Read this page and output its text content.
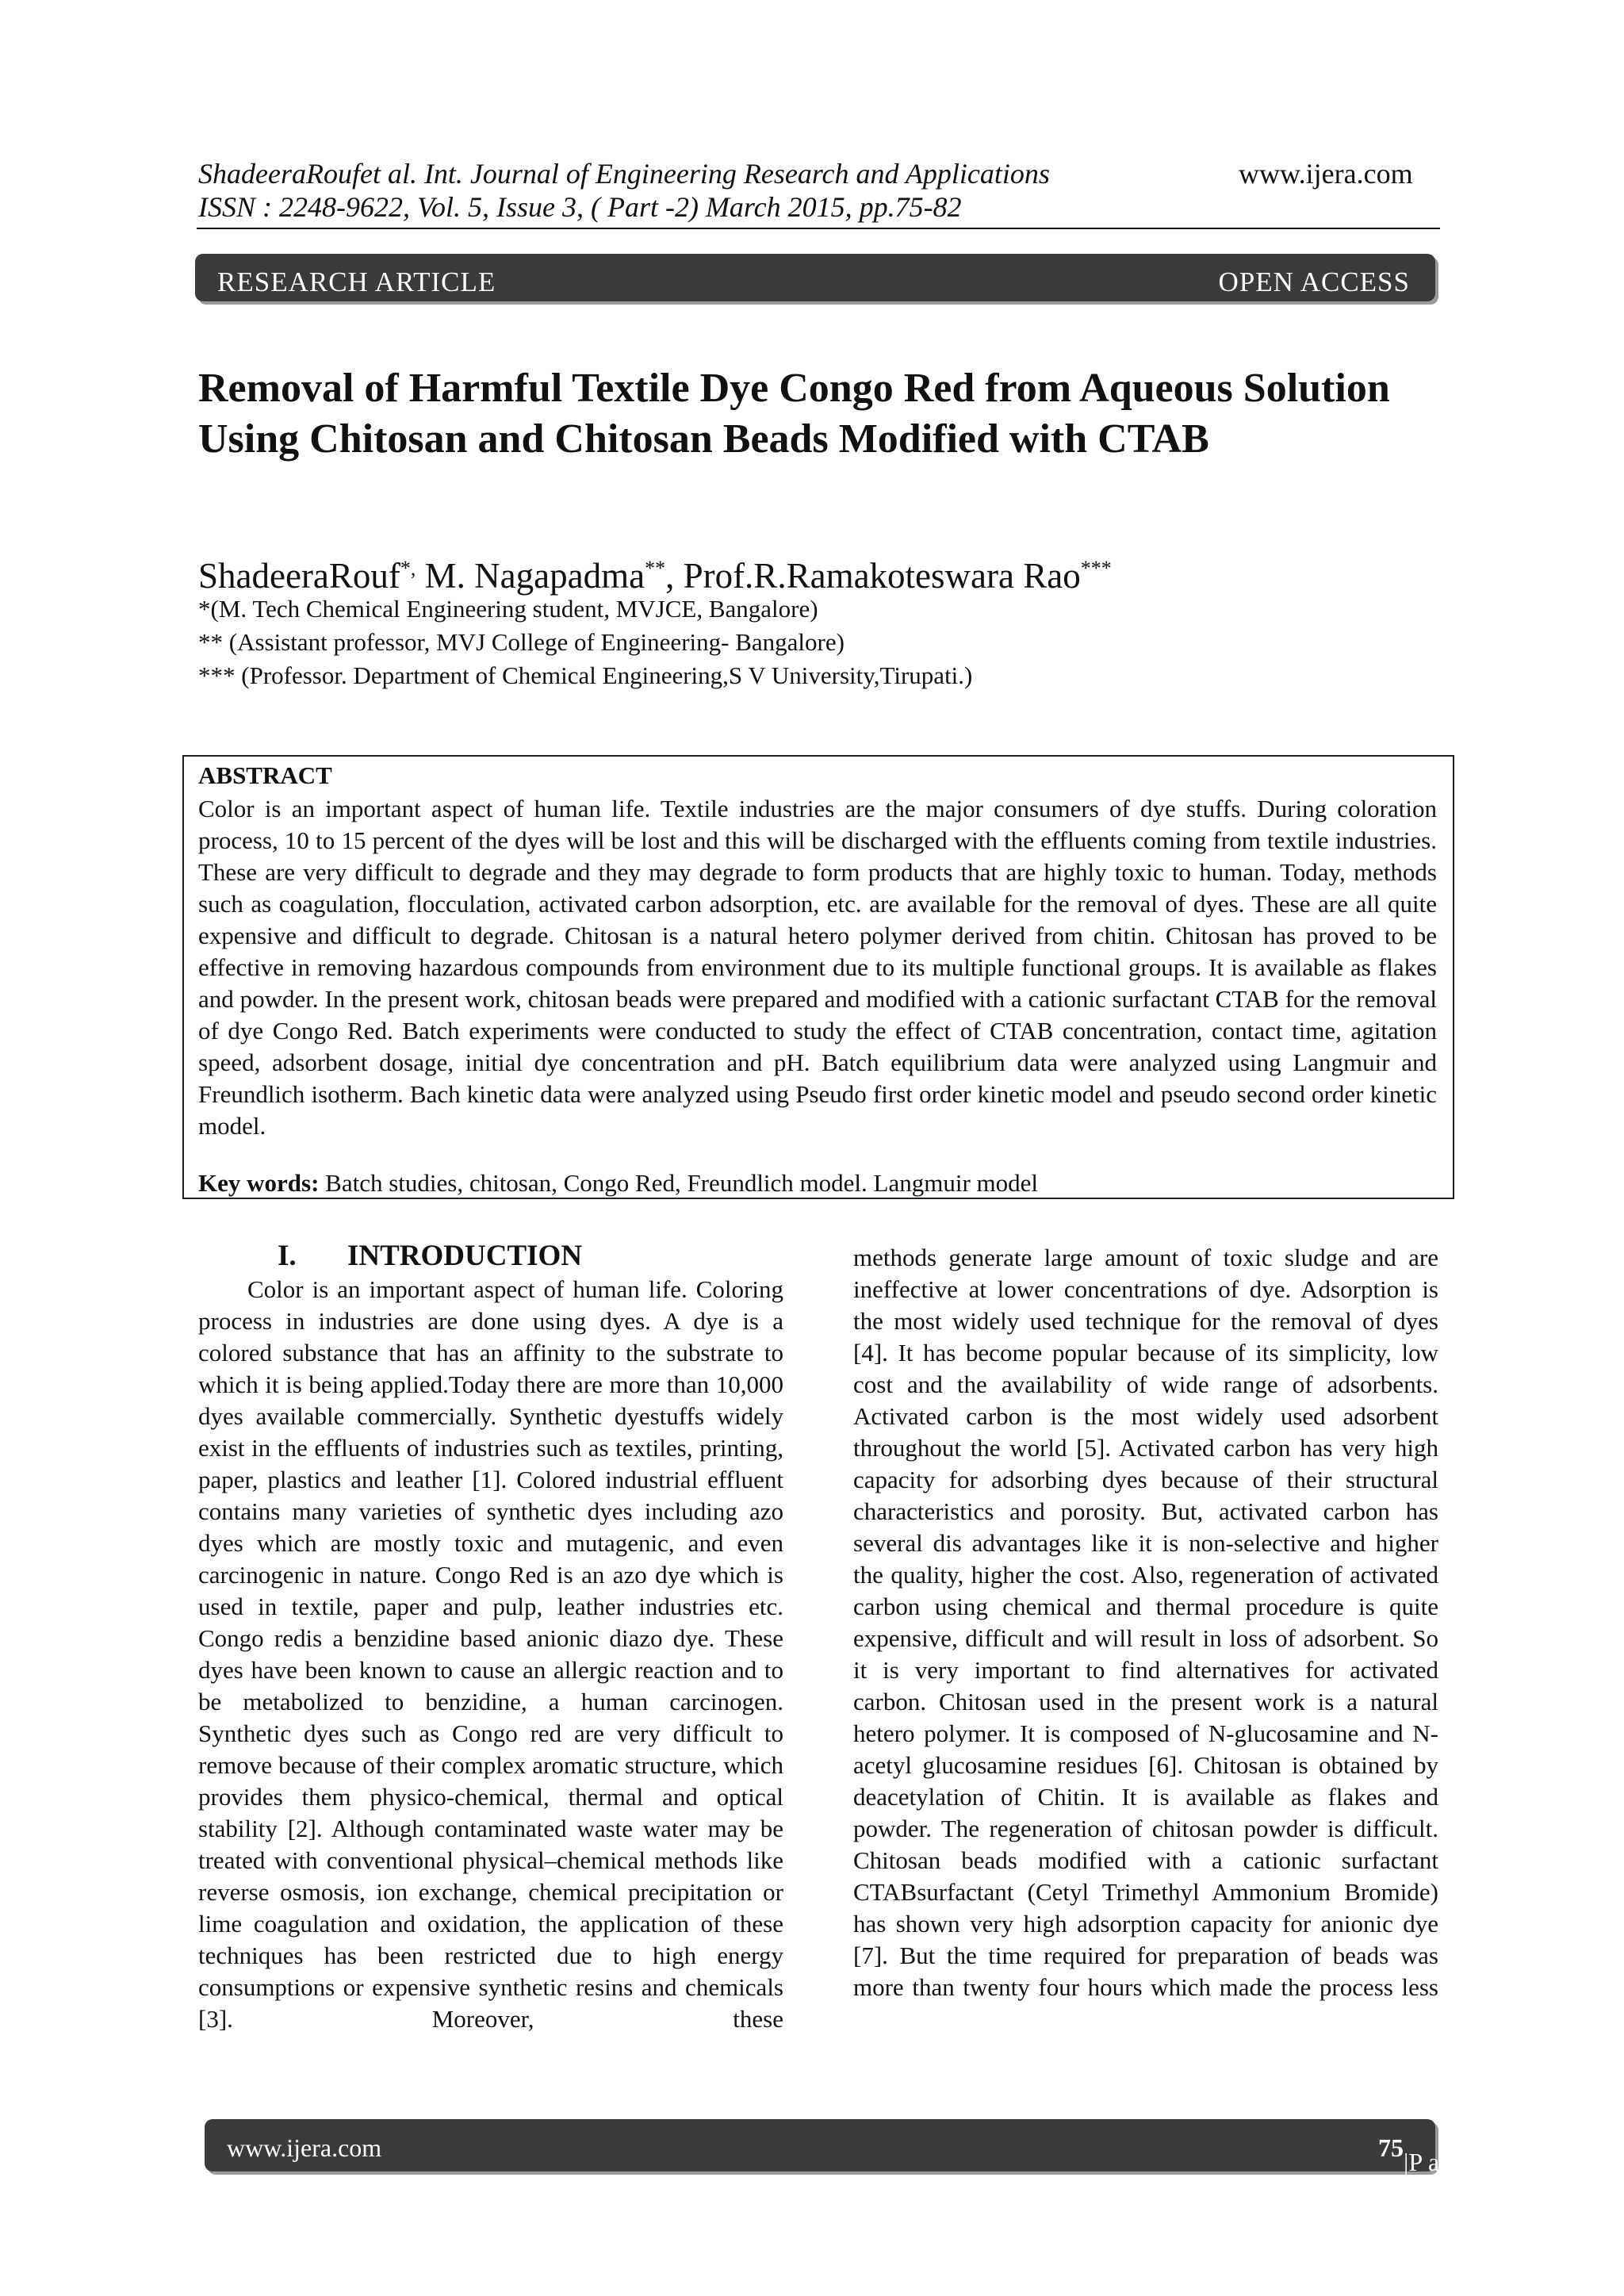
ShadeeraRoufet al. Int. Journal of Engineering Research and Applications	www.ijera.com
ISSN : 2248-9622, Vol. 5, Issue 3, ( Part -2) March 2015, pp.75-82
RESEARCH ARTICLE	OPEN ACCESS
Removal of Harmful Textile Dye Congo Red from Aqueous Solution Using Chitosan and Chitosan Beads Modified with CTAB
ShadeeraRouf*, M. Nagapadma**, Prof.R.Ramakoteswara Rao***
*(M. Tech Chemical Engineering student, MVJCE, Bangalore)
** (Assistant professor, MVJ College of Engineering- Bangalore)
*** (Professor. Department of Chemical Engineering,S V University,Tirupati.)
ABSTRACT
Color is an important aspect of human life. Textile industries are the major consumers of dye stuffs. During coloration process, 10 to 15 percent of the dyes will be lost and this will be discharged with the effluents coming from textile industries. These are very difficult to degrade and they may degrade to form products that are highly toxic to human. Today, methods such as coagulation, flocculation, activated carbon adsorption, etc. are available for the removal of dyes. These are all quite expensive and difficult to degrade. Chitosan is a natural hetero polymer derived from chitin. Chitosan has proved to be effective in removing hazardous compounds from environment due to its multiple functional groups. It is available as flakes and powder. In the present work, chitosan beads were prepared and modified with a cationic surfactant CTAB for the removal of dye Congo Red. Batch experiments were conducted to study the effect of CTAB concentration, contact time, agitation speed, adsorbent dosage, initial dye concentration and pH. Batch equilibrium data were analyzed using Langmuir and Freundlich isotherm. Bach kinetic data were analyzed using Pseudo first order kinetic model and pseudo second order kinetic model.
Key words: Batch studies, chitosan, Congo Red, Freundlich model. Langmuir model
I. INTRODUCTION

Color is an important aspect of human life. Coloring process in industries are done using dyes. A dye is a colored substance that has an affinity to the substrate to which it is being applied.Today there are more than 10,000 dyes available commercially. Synthetic dyestuffs widely exist in the effluents of industries such as textiles, printing, paper, plastics and leather [1]. Colored industrial effluent contains many varieties of synthetic dyes including azo dyes which are mostly toxic and mutagenic, and even carcinogenic in nature. Congo Red is an azo dye which is used in textile, paper and pulp, leather industries etc. Congo redis a benzidine based anionic diazo dye. These dyes have been known to cause an allergic reaction and to be metabolized to benzidine, a human carcinogen. Synthetic dyes such as Congo red are very difficult to remove because of their complex aromatic structure, which provides them physico-chemical, thermal and optical stability [2]. Although contaminated waste water may be treated with conventional physical–chemical methods like reverse osmosis, ion exchange, chemical precipitation or lime coagulation and oxidation, the application of these techniques has been restricted due to high energy consumptions or expensive synthetic resins and chemicals [3]. Moreover, these

methods generate large amount of toxic sludge and are ineffective at lower concentrations of dye. Adsorption is the most widely used technique for the removal of dyes [4]. It has become popular because of its simplicity, low cost and the availability of wide range of adsorbents. Activated carbon is the most widely used adsorbent throughout the world [5]. Activated carbon has very high capacity for adsorbing dyes because of their structural characteristics and porosity. But, activated carbon has several dis advantages like it is non-selective and higher the quality, higher the cost. Also, regeneration of activated carbon using chemical and thermal procedure is quite expensive, difficult and will result in loss of adsorbent. So it is very important to find alternatives for activated carbon. Chitosan used in the present work is a natural hetero polymer. It is composed of N-glucosamine and N-acetyl glucosamine residues [6]. Chitosan is obtained by deacetylation of Chitin. It is available as flakes and powder. The regeneration of chitosan powder is difficult. Chitosan beads modified with a cationic surfactant CTABsurfactant (Cetyl Trimethyl Ammonium Bromide) has shown very high adsorption capacity for anionic dye [7]. But the time required for preparation of beads was more than twenty four hours which made the process less

www.ijera.com	75 |P a g e
